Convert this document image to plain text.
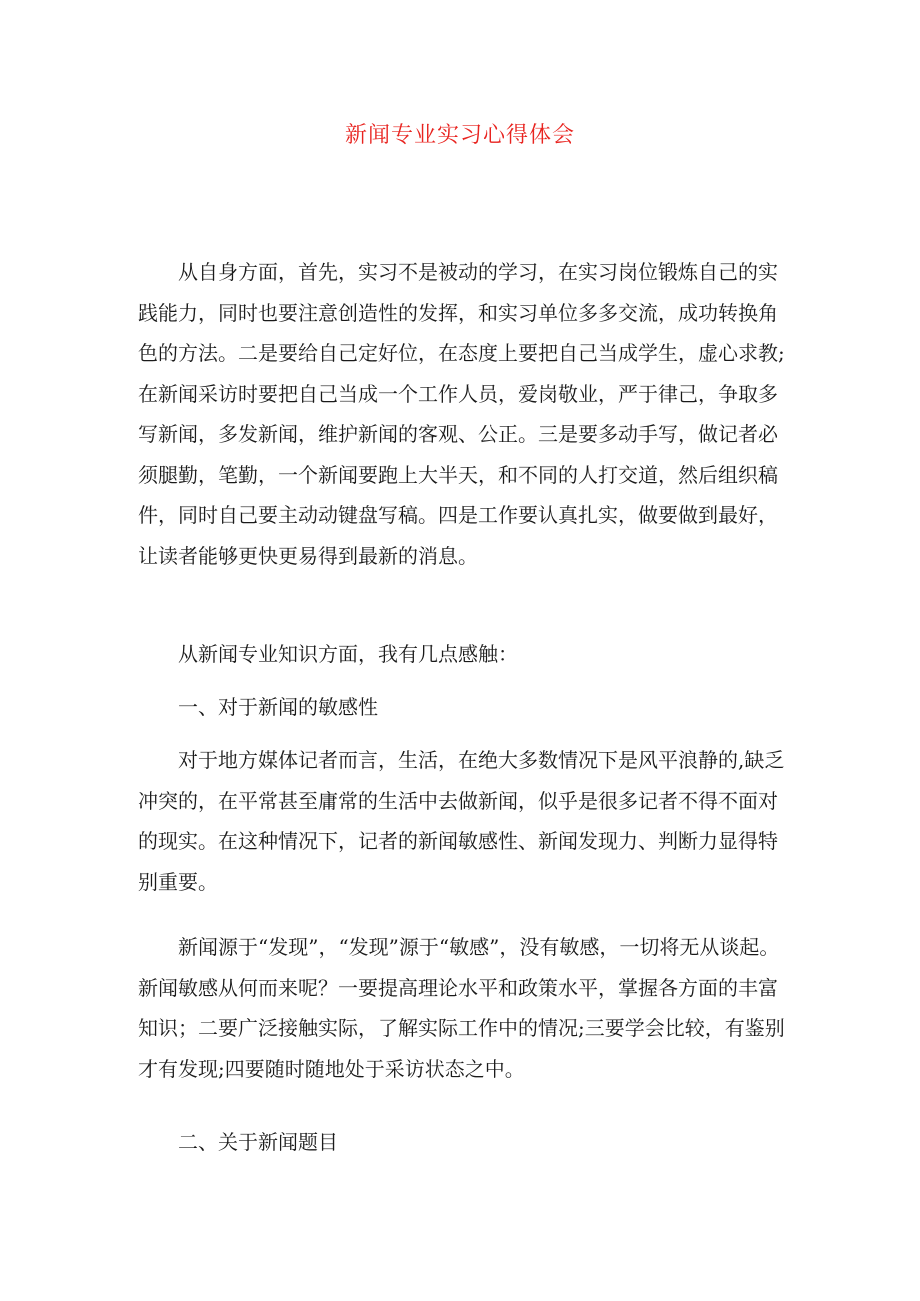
新闻专业实习心得体会

从自身方面，首先，实习不是被动的学习，在实习岗位锻炼自己的实践能力，同时也要注意创造性的发挥，和实习单位多多交流，成功转换角色的方法。二是要给自己定好位，在态度上要把自己当成学生，虚心求教;在新闻采访时要把自己当成一个工作人员，爱岗敬业，严于律己，争取多写新闻，多发新闻，维护新闻的客观、公正。三是要多动手写，做记者必须腿勤，笔勤，一个新闻要跑上大半天，和不同的人打交道，然后组织稿件，同时自己要主动动键盘写稿。四是工作要认真扎实，做要做到最好，让读者能够更快更易得到最新的消息。

从新闻专业知识方面，我有几点感触：

一、对于新闻的敏感性

对于地方媒体记者而言，生活，在绝大多数情况下是风平浪静的,缺乏冲突的，在平常甚至庸常的生活中去做新闻，似乎是很多记者不得不面对的现实。在这种情况下，记者的新闻敏感性、新闻发现力、判断力显得特别重要。

新闻源于“发现”，“发现”源于“敏感”，没有敏感，一切将无从谈起。新闻敏感从何而来呢？一要提高理论水平和政策水平，掌握各方面的丰富知识；二要广泛接触实际，了解实际工作中的情况;三要学会比较，有鉴别才有发现;四要随时随地处于采访状态之中。

二、关于新闻题目
